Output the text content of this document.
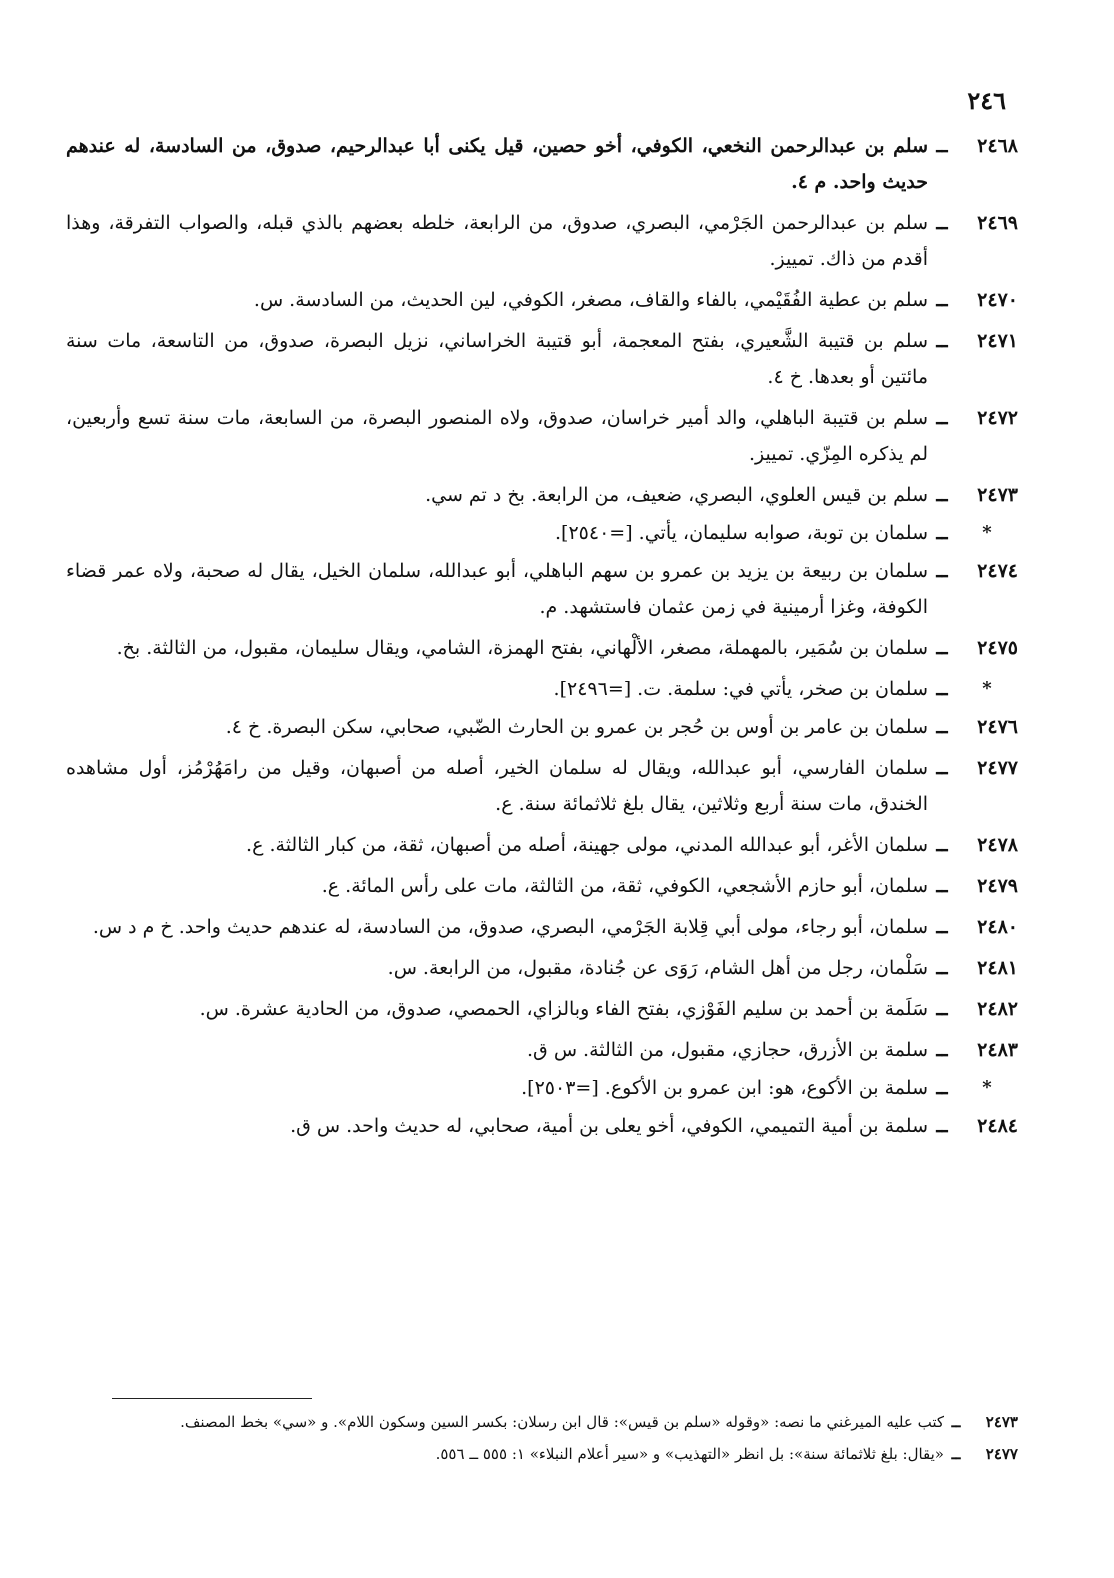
٢٤٦
٢٤٦٨
ــ
سلم بن عبدالرحمن النخعي، الكوفي، أخو حصين، قيل يكنى أبا عبدالرحيم، صدوق، من السادسة، له عندهم حديث واحد. م ٤.
٢٤٦٩
ــ
سلم بن عبدالرحمن الجَرْمي، البصري، صدوق، من الرابعة، خلطه بعضهم بالذي قبله، والصواب التفرقة، وهذا أقدم من ذاك. تمييز.
٢٤٧٠
ــ
سلم بن عطية الفُقَيْمي، بالفاء والقاف، مصغر، الكوفي، لين الحديث، من السادسة. س.
٢٤٧١
ــ
سلم بن قتيبة الشَّعيري، بفتح المعجمة، أبو قتيبة الخراساني، نزيل البصرة، صدوق، من التاسعة، مات سنة مائتين أو بعدها. خ ٤.
٢٤٧٢
ــ
سلم بن قتيبة الباهلي، والد أمير خراسان، صدوق، ولاه المنصور البصرة، من السابعة، مات سنة تسع وأربعين، لم يذكره المِزّي. تمييز.
٢٤٧٣
ــ
سلم بن قيس العلوي، البصري، ضعيف، من الرابعة. بخ د تم سي.
*
ــ
سلمان بن توبة، صوابه سليمان، يأتي. [=٢٥٤٠].
٢٤٧٤
ــ
سلمان بن ربيعة بن يزيد بن عمرو بن سهم الباهلي، أبو عبدالله، سلمان الخيل، يقال له صحبة، ولاه عمر قضاء الكوفة، وغزا أرمينية في زمن عثمان فاستشهد. م.
٢٤٧٥
ــ
سلمان بن سُمَير، بالمهملة، مصغر، الألْهاني، بفتح الهمزة، الشامي، ويقال سليمان، مقبول، من الثالثة. بخ.
*
ــ
سلمان بن صخر، يأتي في: سلمة. ت. [=٢٤٩٦].
٢٤٧٦
ــ
سلمان بن عامر بن أوس بن حُجر بن عمرو بن الحارث الضّبي، صحابي، سكن البصرة. خ ٤.
٢٤٧٧
ــ
سلمان الفارسي، أبو عبدالله، ويقال له سلمان الخير، أصله من أصبهان، وقيل من رامَهُرْمُز، أول مشاهده الخندق، مات سنة أربع وثلاثين، يقال بلغ ثلاثمائة سنة. ع.
٢٤٧٨
ــ
سلمان الأغر، أبو عبدالله المدني، مولى جهينة، أصله من أصبهان، ثقة، من كبار الثالثة. ع.
٢٤٧٩
ــ
سلمان، أبو حازم الأشجعي، الكوفي، ثقة، من الثالثة، مات على رأس المائة. ع.
٢٤٨٠
ــ
سلمان، أبو رجاء، مولى أبي قِلابة الجَرْمي، البصري، صدوق، من السادسة، له عندهم حديث واحد. خ م د س.
٢٤٨١
ــ
سَلْمان، رجل من أهل الشام، رَوَى عن جُنادة، مقبول، من الرابعة. س.
٢٤٨٢
ــ
سَلَمة بن أحمد بن سليم الفَوْزي، بفتح الفاء وبالزاي، الحمصي، صدوق، من الحادية عشرة. س.
٢٤٨٣
ــ
سلمة بن الأزرق، حجازي، مقبول، من الثالثة. س ق.
*
ــ
سلمة بن الأكوع، هو: ابن عمرو بن الأكوع. [=٢٥٠٣].
٢٤٨٤
ــ
سلمة بن أمية التميمي، الكوفي، أخو يعلى بن أمية، صحابي، له حديث واحد. س ق.
٢٤٧٣
ــ
كتب عليه الميرغني ما نصه: «وقوله «سلم بن قيس»: قال ابن رسلان: بكسر السين وسكون اللام». و «سي» بخط المصنف.
٢٤٧٧
ــ
«يقال: بلغ ثلاثمائة سنة»: بل انظر «التهذيب» و «سير أعلام النبلاء» ١: ٥٥٥ ــ ٥٥٦.
